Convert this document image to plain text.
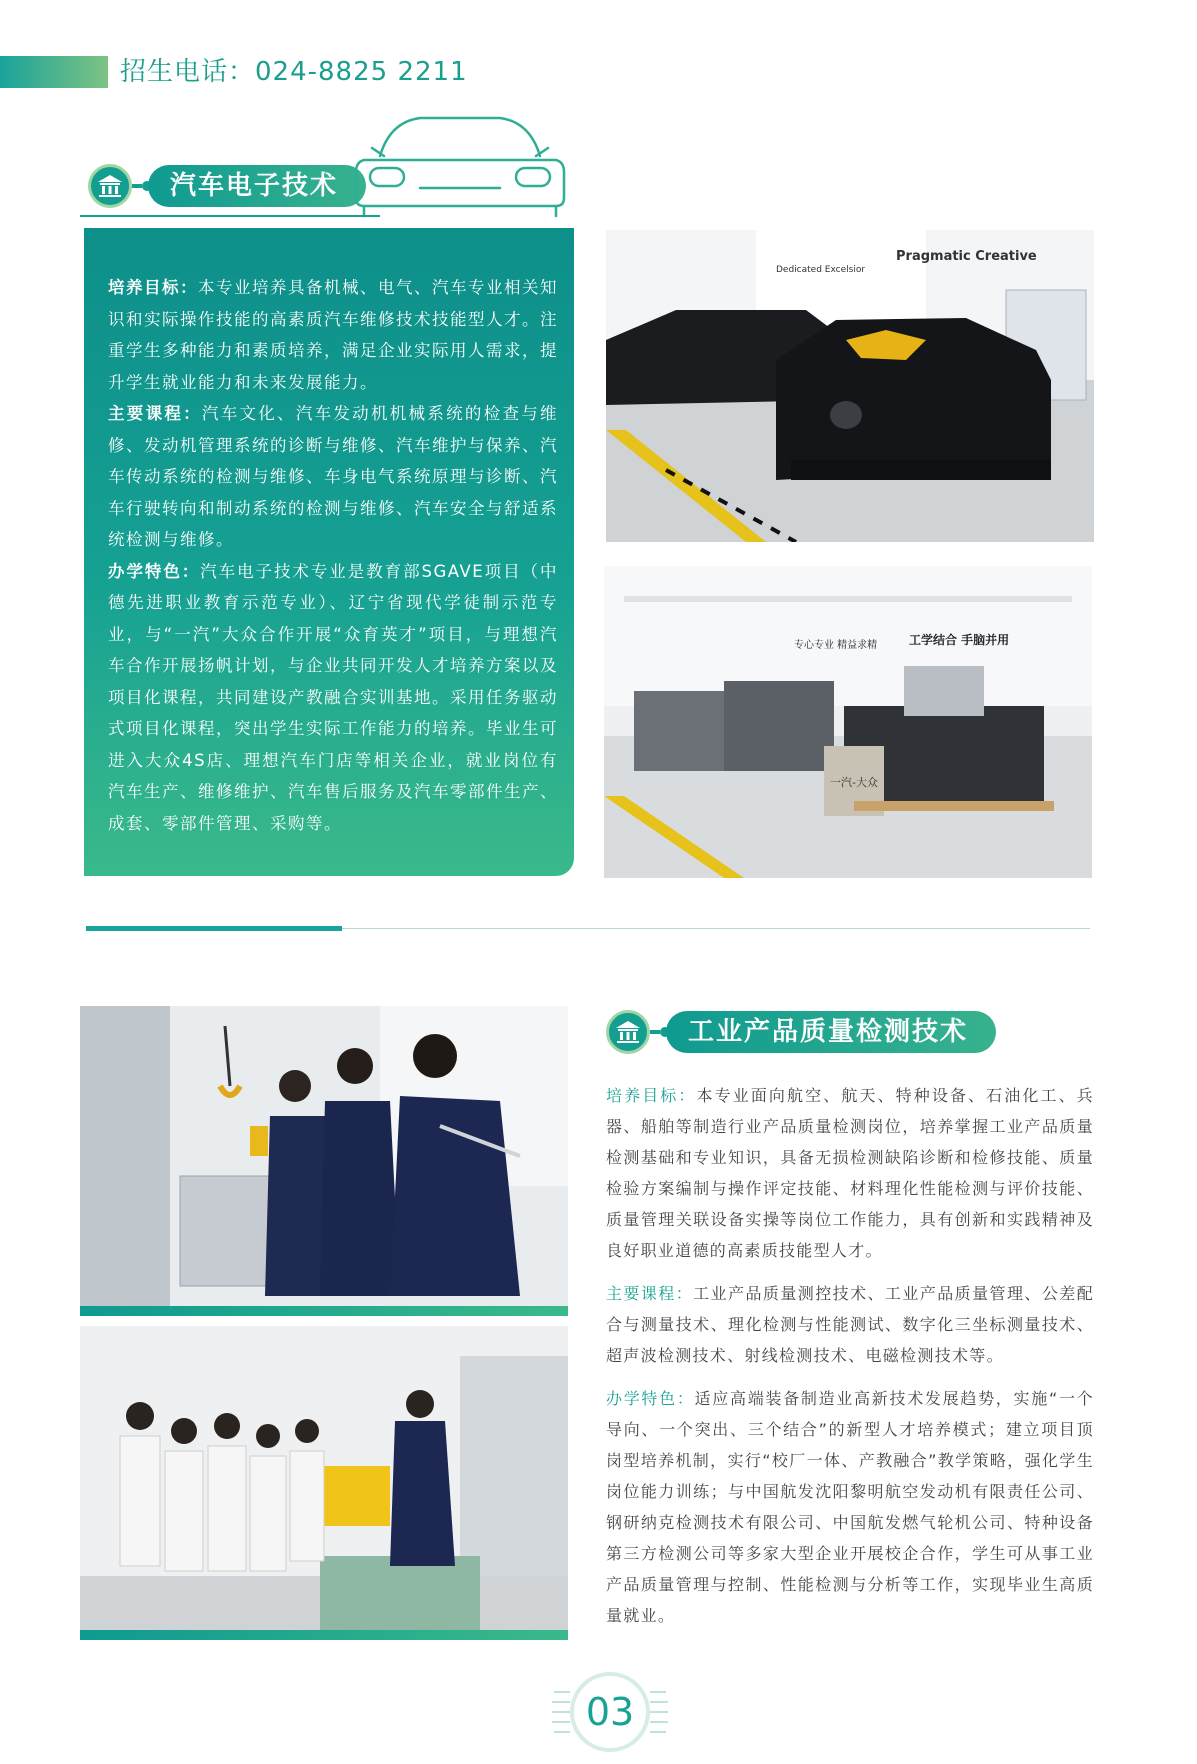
招生电话：024-8825 2211
汽车电子技术

培养目标：本专业培养具备机械、电气、汽车专业相关知识和实际操作技能的高素质汽车维修技术技能型人才。注重学生多种能力和素质培养，满足企业实际用人需求，提升学生就业能力和未来发展能力。

主要课程：汽车文化、汽车发动机机械系统的检查与维修、发动机管理系统的诊断与维修、汽车维护与保养、汽车传动系统的检测与维修、车身电气系统原理与诊断、汽车行驶转向和制动系统的检测与维修、汽车安全与舒适系统检测与维修。

办学特色：汽车电子技术专业是教育部SGAVE项目（中德先进职业教育示范专业）、辽宁省现代学徒制示范专业，与“一汽”大众合作开展“众育英才”项目，与理想汽车合作开展扬帆计划，与企业共同开发人才培养方案以及项目化课程，共同建设产教融合实训基地。采用任务驱动式项目化课程，突出学生实际工作能力的培养。毕业生可进入大众4S店、理想汽车门店等相关企业，就业岗位有汽车生产、维修维护、汽车售后服务及汽车零部件生产、成套、零部件管理、采购等。

Dedicated Excelsior
Pragmatic Creative
专心专业 精益求精	工学结合 手脑并用
一汽-大众
工业产品质量检测技术

培养目标：本专业面向航空、航天、特种设备、石油化工、兵器、船舶等制造行业产品质量检测岗位，培养掌握工业产品质量检测基础和专业知识，具备无损检测缺陷诊断和检修技能、质量检验方案编制与操作评定技能、材料理化性能检测与评价技能、质量管理关联设备实操等岗位工作能力，具有创新和实践精神及良好职业道德的高素质技能型人才。

主要课程：工业产品质量测控技术、工业产品质量管理、公差配合与测量技术、理化检测与性能测试、数字化三坐标测量技术、超声波检测技术、射线检测技术、电磁检测技术等。

办学特色：适应高端装备制造业高新技术发展趋势，实施“一个导向、一个突出、三个结合”的新型人才培养模式；建立项目顶岗型培养机制，实行“校厂一体、产教融合”教学策略，强化学生岗位能力训练；与中国航发沈阳黎明航空发动机有限责任公司、钢研纳克检测技术有限公司、中国航发燃气轮机公司、特种设备第三方检测公司等多家大型企业开展校企合作，学生可从事工业产品质量管理与控制、性能检测与分析等工作，实现毕业生高质量就业。

03
